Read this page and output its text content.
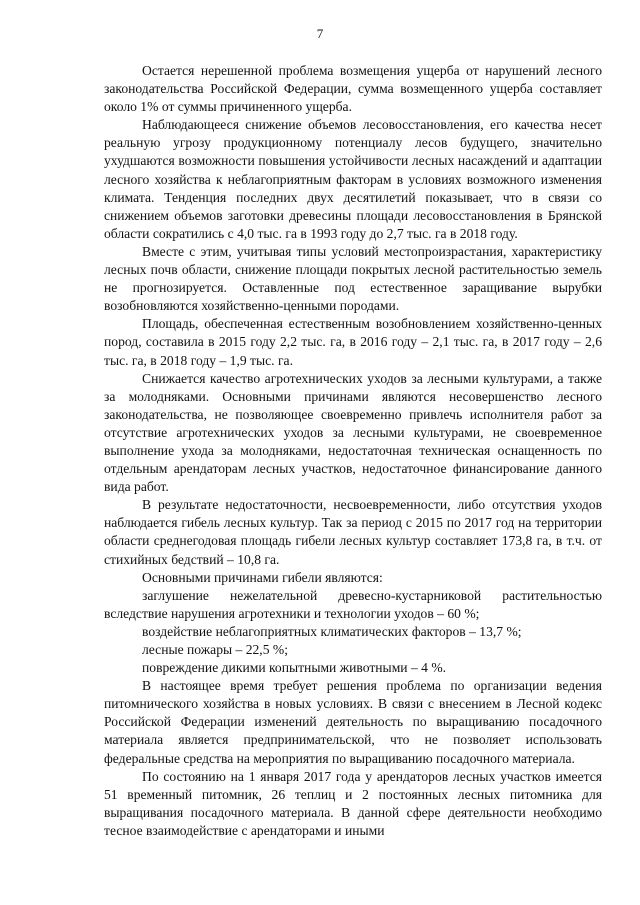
7

Остается нерешенной проблема возмещения ущерба от нарушений лесного законодательства Российской Федерации, сумма возмещенного ущерба составляет около 1% от суммы причиненного ущерба.

Наблюдающееся снижение объемов лесовосстановления, его качества несет реальную угрозу продукционному потенциалу лесов будущего, значительно ухудшаются возможности повышения устойчивости лесных насаждений и адаптации лесного хозяйства к неблагоприятным факторам в условиях возможного изменения климата. Тенденция последних двух десятилетий показывает, что в связи со снижением объемов заготовки древесины площади лесовосстановления в Брянской области сократились с 4,0 тыс. га в 1993 году до 2,7 тыс. га в 2018 году.

Вместе с этим, учитывая типы условий местопроизрастания, характеристику лесных почв области, снижение площади покрытых лесной растительностью земель не прогнозируется. Оставленные под естественное заращивание вырубки возобновляются хозяйственно-ценными породами.

Площадь, обеспеченная естественным возобновлением хозяйственно-ценных пород, составила в 2015 году 2,2 тыс. га, в 2016 году – 2,1 тыс. га, в 2017 году – 2,6 тыс. га, в 2018 году – 1,9 тыс. га.

Снижается качество агротехнических уходов за лесными культурами, а также за молодняками. Основными причинами являются несовершенство лесного законодательства, не позволяющее своевременно привлечь исполнителя работ за отсутствие агротехнических уходов за лесными культурами, не своевременное выполнение ухода за молодняками, недостаточная техническая оснащенность по отдельным арендаторам лесных участков, недостаточное финансирование данного вида работ.

В результате недостаточности, несвоевременности, либо отсутствия уходов наблюдается гибель лесных культур. Так за период с 2015 по 2017 год на территории области среднегодовая площадь гибели лесных культур составляет 173,8 га, в т.ч. от стихийных бедствий – 10,8 га.

Основными причинами гибели являются:

заглушение нежелательной древесно-кустарниковой растительностью вследствие нарушения агротехники и технологии уходов – 60 %;

воздействие неблагоприятных климатических факторов – 13,7 %;

лесные пожары – 22,5 %;

повреждение дикими копытными животными – 4 %.

В настоящее время требует решения проблема по организации ведения питомнического хозяйства в новых условиях. В связи с внесением в Лесной кодекс Российской Федерации изменений деятельность по выращиванию посадочного материала является предпринимательской, что не позволяет использовать федеральные средства на мероприятия по выращиванию посадочного материала.

По состоянию на 1 января 2017 года у арендаторов лесных участков имеется 51 временный питомник, 26 теплиц и 2 постоянных лесных питомника для выращивания посадочного материала. В данной сфере деятельности необходимо тесное взаимодействие с арендаторами и иными
